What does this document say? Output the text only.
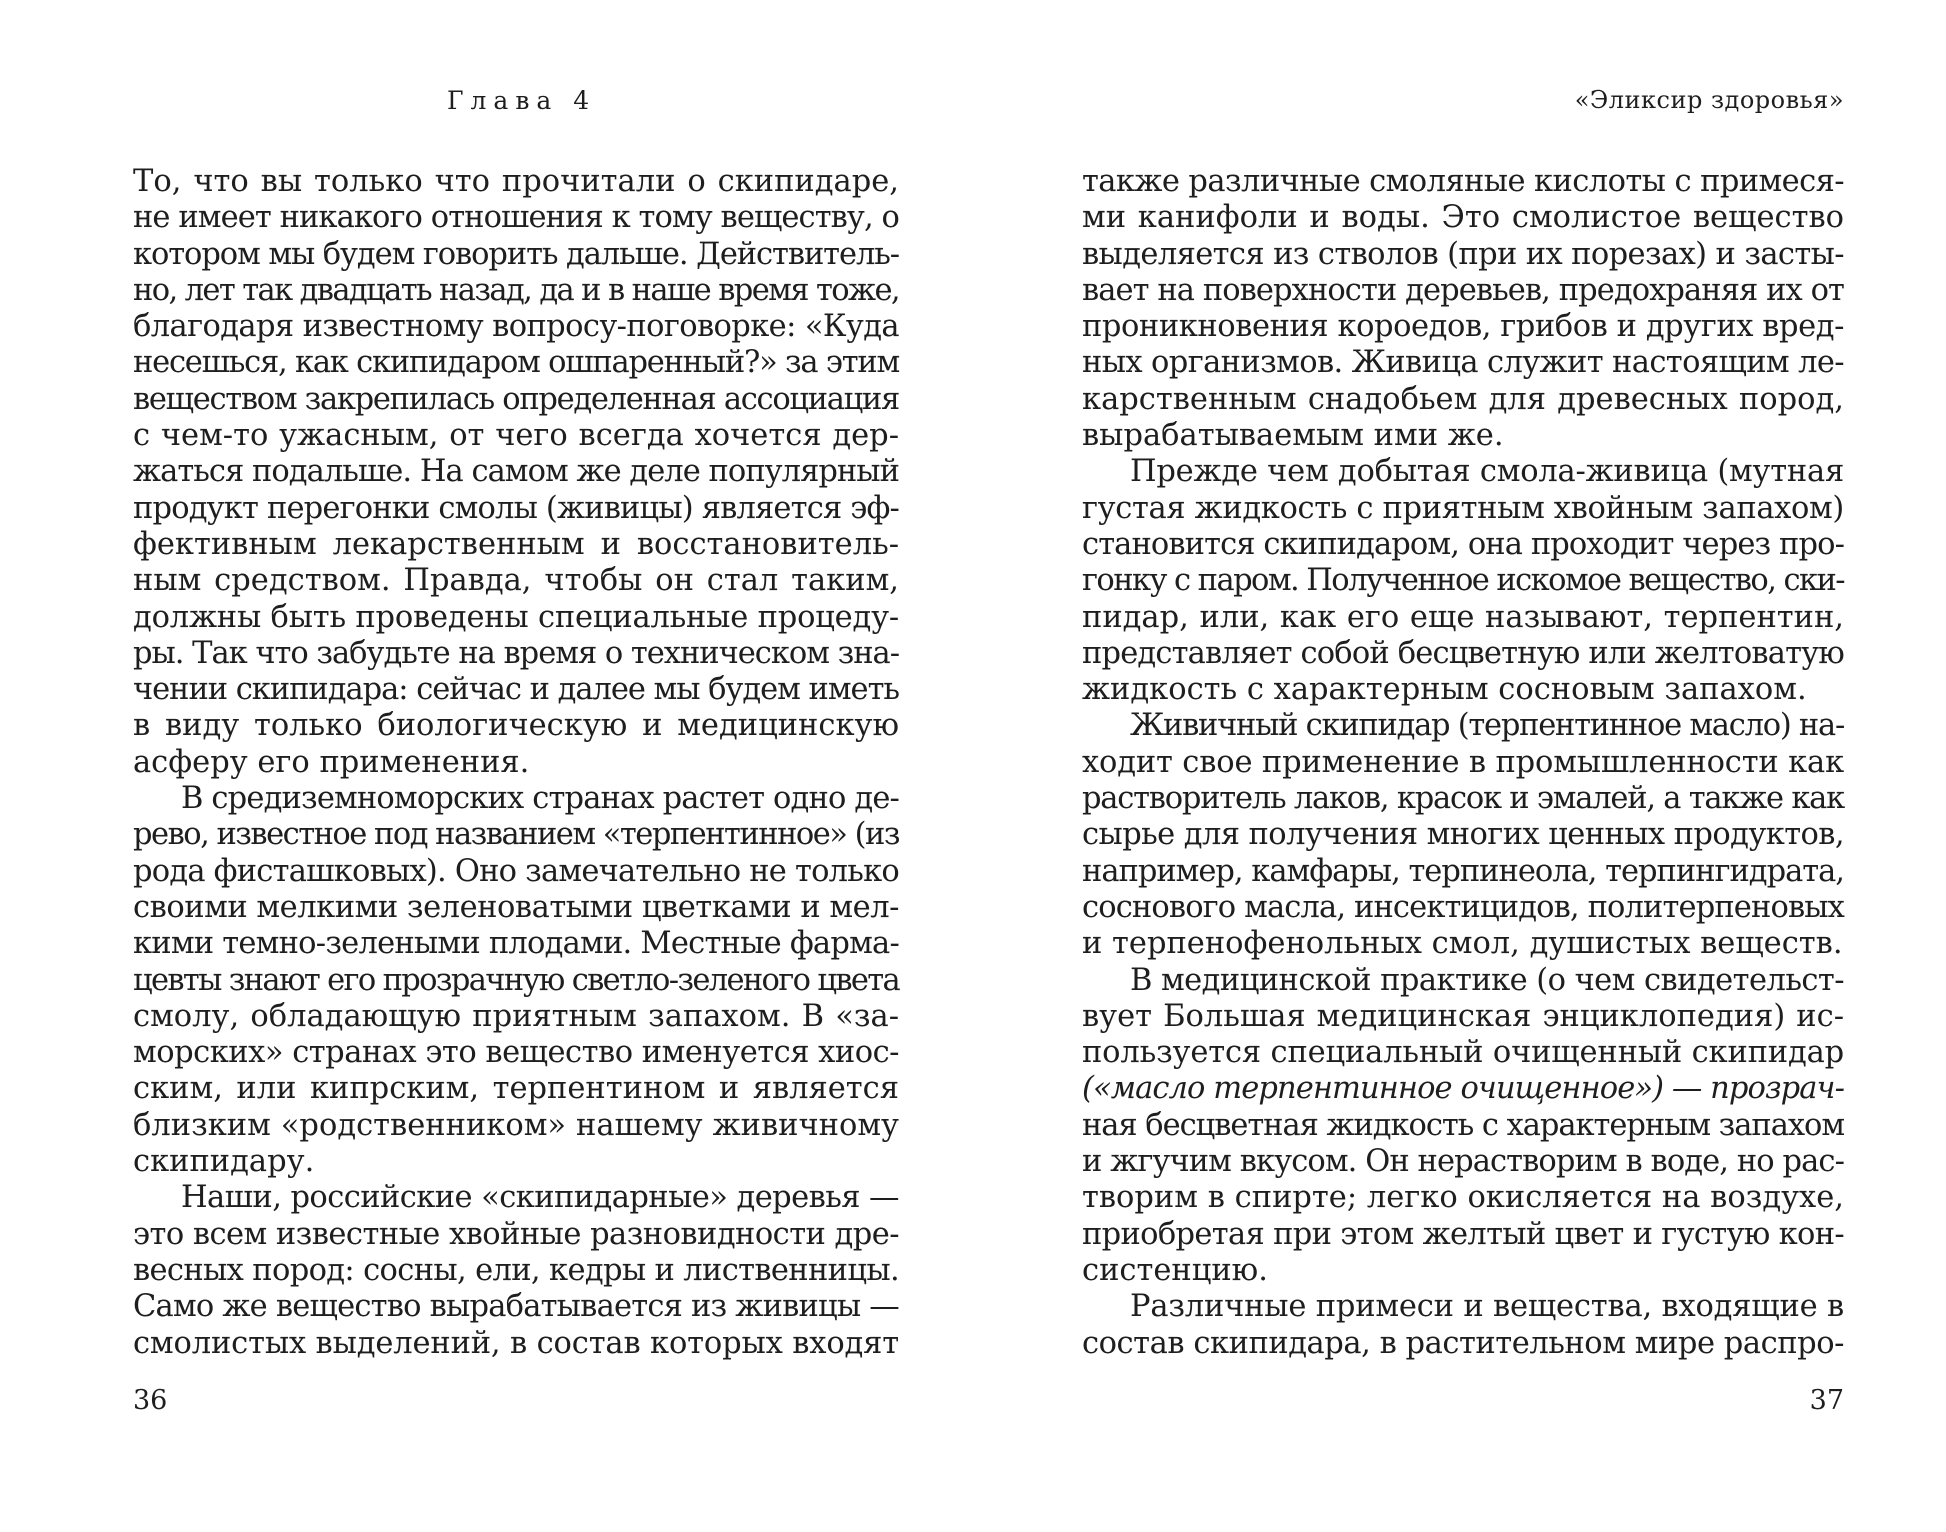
Глава 4
То, что вы только что прочитали о скипидаре,
не имеет никакого отношения к тому веществу, о
котором мы будем говорить дальше. Действитель-
но, лет так двадцать назад, да и в наше время тоже,
благодаря известному вопросу-поговорке: «Куда
несешься, как скипидаром ошпаренный?» за этим
веществом закрепилась определенная ассоциация
с чем-то ужасным, от чего всегда хочется дер-
жаться подальше. На самом же деле популярный
продукт перегонки смолы (живицы) является эф-
фективным лекарственным и восстановитель-
ным средством. Правда, чтобы он стал таким,
должны быть проведены специальные процеду-
ры. Так что забудьте на время о техническом зна-
чении скипидара: сейчас и далее мы будем иметь
в виду только биологическую и медицинскую
асферу его применения.
В средиземноморских странах растет одно де-
рево, известное под названием «терпентинное» (из
рода фисташковых). Оно замечательно не только
своими мелкими зеленоватыми цветками и мел-
кими темно-зелеными плодами. Местные фарма-
цевты знают его прозрачную светло-зеленого цвета
смолу, обладающую приятным запахом. В «за-
морских» странах это вещество именуется хиос-
ским, или кипрским, терпентином и является
близким «родственником» нашему живичному
скипидару.
Наши, российские «скипидарные» деревья —
это всем известные хвойные разновидности дре-
весных пород: сосны, ели, кедры и лиственницы.
Само же вещество вырабатывается из живицы —
смолистых выделений, в состав которых входят
36
«Эликсир здоровья»
также различные смоляные кислоты с примеся-
ми канифоли и воды. Это смолистое вещество
выделяется из стволов (при их порезах) и засты-
вает на поверхности деревьев, предохраняя их от
проникновения короедов, грибов и других вред-
ных организмов. Живица служит настоящим ле-
карственным снадобьем для древесных пород,
вырабатываемым ими же.
Прежде чем добытая смола-живица (мутная
густая жидкость с приятным хвойным запахом)
становится скипидаром, она проходит через про-
гонку с паром. Полученное искомое вещество, ски-
пидар, или, как его еще называют, терпентин,
представляет собой бесцветную или желтоватую
жидкость с характерным сосновым запахом.
Живичный скипидар (терпентинное масло) на-
ходит свое применение в промышленности как
растворитель лаков, красок и эмалей, а также как
сырье для получения многих ценных продуктов,
например, камфары, терпинеола, терпингидрата,
соснового масла, инсектицидов, политерпеновых
и терпенофенольных смол, душистых веществ.
В медицинской практике (о чем свидетельст-
вует Большая медицинская энциклопедия) ис-
пользуется специальный очищенный скипидар
(«масло терпентинное очищенное») — прозрач-
ная бесцветная жидкость с характерным запахом
и жгучим вкусом. Он нерастворим в воде, но рас-
творим в спирте; легко окисляется на воздухе,
приобретая при этом желтый цвет и густую кон-
систенцию.
Различные примеси и вещества, входящие в
состав скипидара, в растительном мире распро-
37
